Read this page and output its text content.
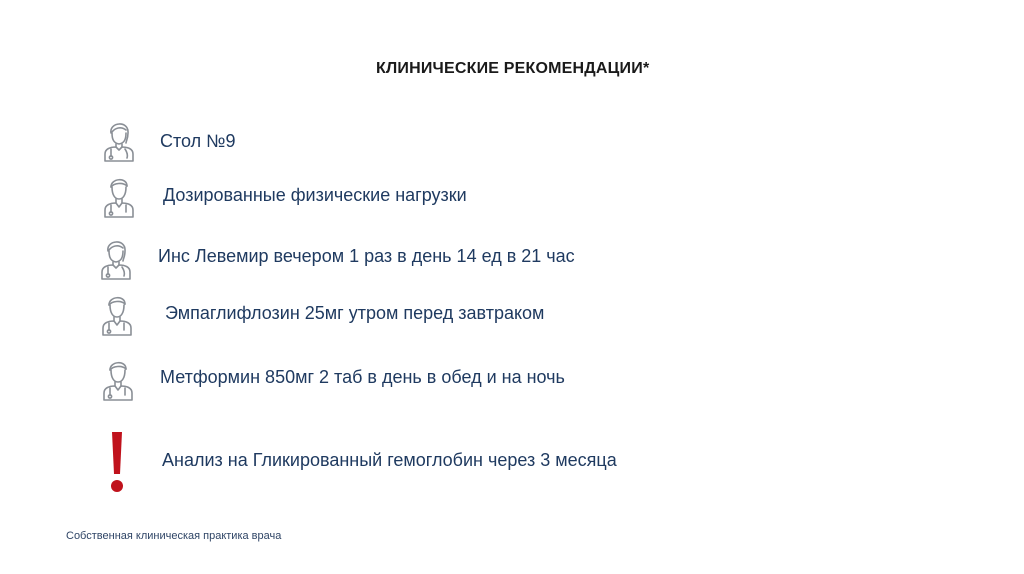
КЛИНИЧЕСКИЕ РЕКОМЕНДАЦИИ*
Стол №9
Дозированные физические нагрузки
Инс Левемир вечером 1 раз в день 14 ед в 21 час
Эмпаглифлозин 25мг утром перед завтраком
Метформин 850мг 2 таб в день в обед и на ночь
Анализ на Гликированный гемоглобин через 3 месяца
Собственная клиническая практика врача
